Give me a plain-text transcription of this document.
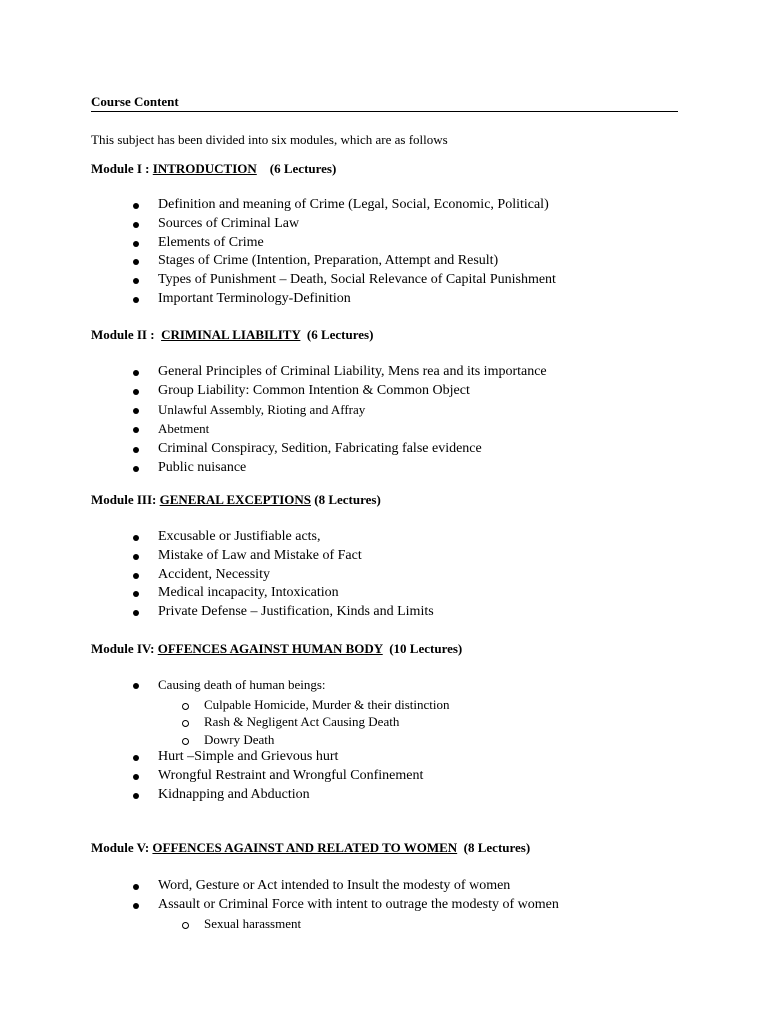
Course Content
This subject has been divided into six modules, which are as follows
Module I : INTRODUCTION (6 Lectures)
Definition and meaning of Crime (Legal, Social, Economic, Political)
Sources of Criminal Law
Elements of Crime
Stages of Crime (Intention, Preparation, Attempt and Result)
Types of Punishment – Death, Social Relevance of Capital Punishment
Important Terminology-Definition
Module II :  CRIMINAL LIABILITY (6 Lectures)
General Principles of Criminal Liability, Mens rea and its importance
Group Liability: Common Intention & Common Object
Unlawful Assembly, Rioting and Affray
Abetment
Criminal Conspiracy, Sedition, Fabricating false evidence
Public nuisance
Module III: GENERAL EXCEPTIONS (8 Lectures)
Excusable or Justifiable acts,
Mistake of Law and Mistake of Fact
Accident, Necessity
Medical incapacity, Intoxication
Private Defense – Justification, Kinds and Limits
Module IV: OFFENCES AGAINST HUMAN BODY (10 Lectures)
Causing death of human beings:
Culpable Homicide, Murder & their distinction
Rash & Negligent Act Causing Death
Dowry Death
Hurt –Simple and Grievous hurt
Wrongful Restraint and Wrongful Confinement
Kidnapping and Abduction
Module V: OFFENCES AGAINST AND RELATED TO WOMEN (8 Lectures)
Word, Gesture or Act intended to Insult the modesty of women
Assault or Criminal Force with intent to outrage the modesty of women
Sexual harassment
